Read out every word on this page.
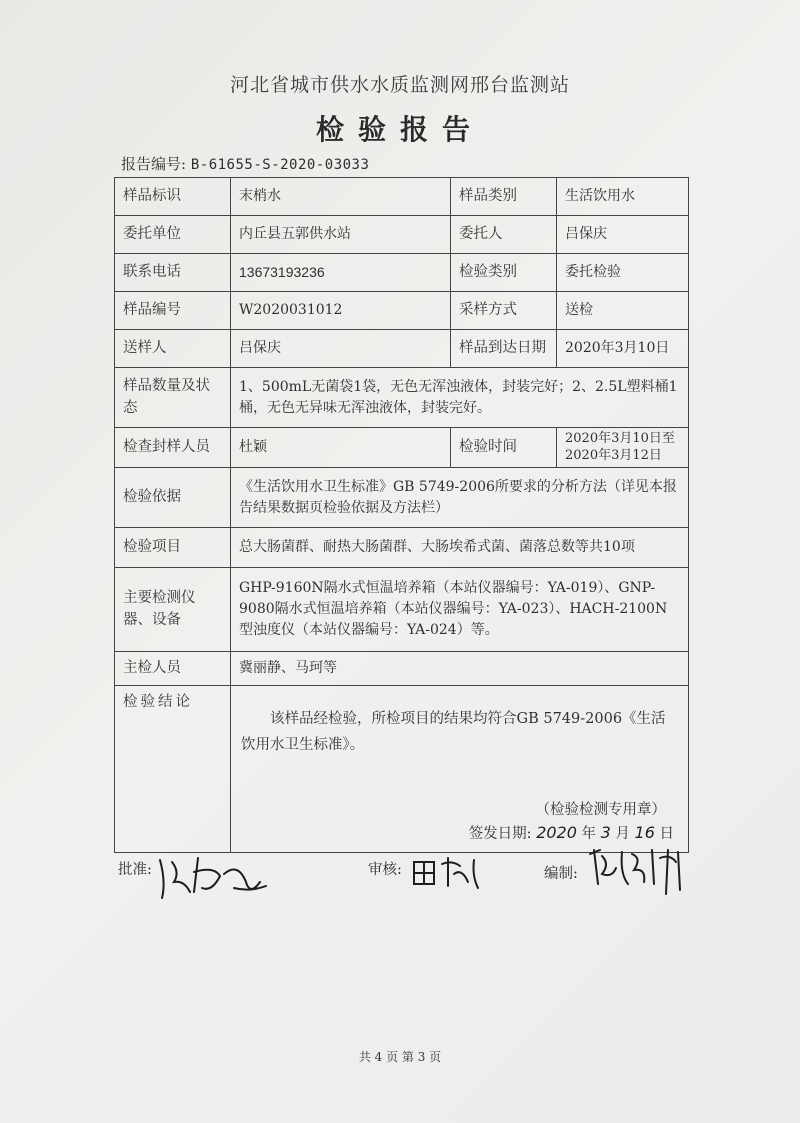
河北省城市供水水质监测网邢台监测站
检验报告
报告编号: B-61655-S-2020-03033
样品标识	末梢水	样品类别	生活饮用水
委托单位	内丘县五郭供水站	委托人	吕保庆
联系电话	13673193236	检验类别	委托检验
样品编号	W2020031012	采样方式	送检
送样人	吕保庆	样品到达日期	2020年3月10日
样品数量及状态	1、500mL无菌袋1袋，无色无浑浊液体，封装完好；2、2.5L塑料桶1桶，无色无异味无浑浊液体，封装完好。		
检查封样人员	杜颖	检验时间	2020年3月10日至
2020年3月12日

检验依据	《生活饮用水卫生标准》GB 5749-2006所要求的分析方法（详见本报告结果数据页检验依据及方法栏）		
检验项目	总大肠菌群、耐热大肠菌群、大肠埃希式菌、菌落总数等共10项		
主要检测仪器、设备	GHP-9160N隔水式恒温培养箱（本站仪器编号：YA-019）、GNP-9080隔水式恒温培养箱（本站仪器编号：YA-023）、HACH-2100N型浊度仪（本站仪器编号：YA-024）等。		
主检人员	冀丽静、马珂等		
检验结论	该样品经检验，所检项目的结果均符合GB 5749-2006《生活饮用水卫生标准》。
（检验检测专用章）
签发日期: 2020 年 3 月 16 日		
批准:	审核:	编制:
共 4 页 第 3 页
